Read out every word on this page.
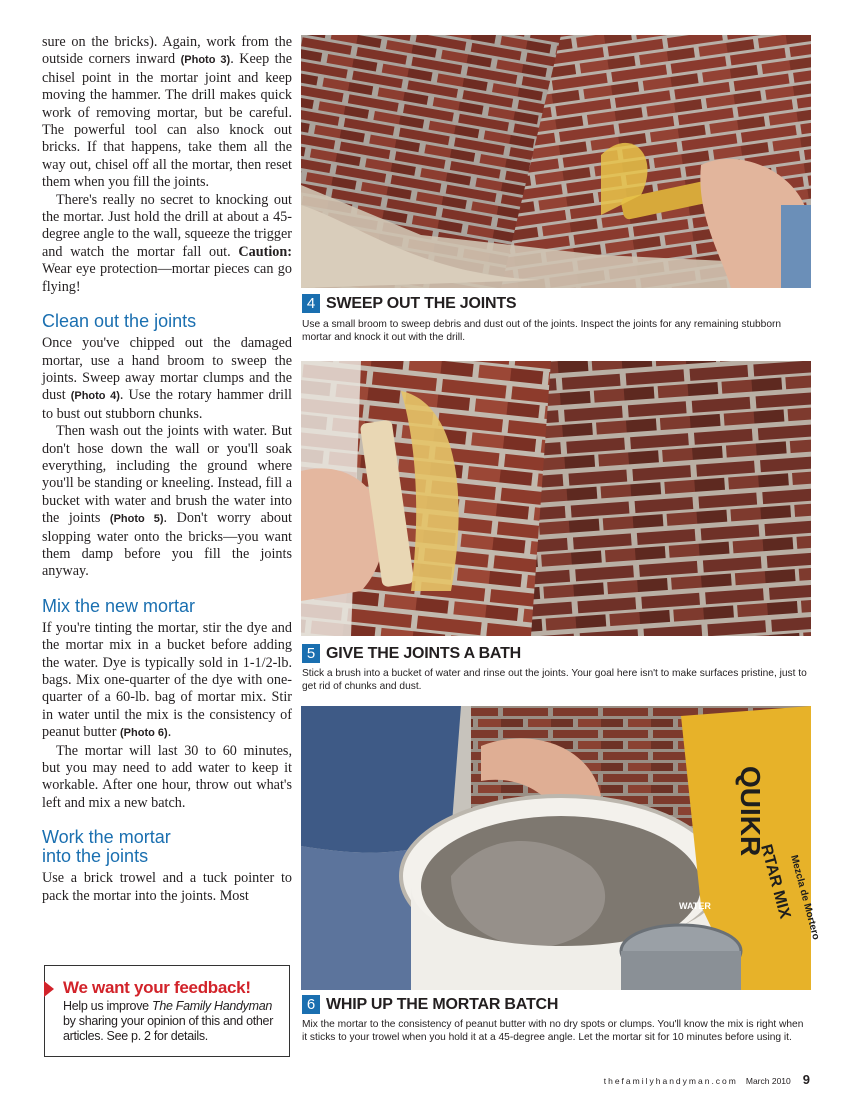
sure on the bricks). Again, work from the outside corners inward (Photo 3). Keep the chisel point in the mortar joint and keep moving the hammer. The drill makes quick work of removing mortar, but be careful. The powerful tool can also knock out bricks. If that happens, take them all the way out, chisel off all the mortar, then reset them when you fill the joints.

There's really no secret to knocking out the mortar. Just hold the drill at about a 45-degree angle to the wall, squeeze the trigger and watch the mortar fall out. Caution: Wear eye protection—mortar pieces can go flying!

Clean out the joints

Once you've chipped out the damaged mortar, use a hand broom to sweep the joints. Sweep away mortar clumps and the dust (Photo 4). Use the rotary hammer drill to bust out stubborn chunks.

Then wash out the joints with water. But don't hose down the wall or you'll soak everything, including the ground where you'll be standing or kneeling. Instead, fill a bucket with water and brush the water into the joints (Photo 5). Don't worry about slopping water onto the bricks—you want them damp before you fill the joints anyway.

Mix the new mortar

If you're tinting the mortar, stir the dye and the mortar mix in a bucket before adding the water. Dye is typically sold in 1-1/2-lb. bags. Mix one-quarter of the dye with one-quarter of a 60-lb. bag of mortar mix. Stir in water until the mix is the consistency of peanut butter (Photo 6).

The mortar will last 30 to 60 minutes, but you may need to add water to keep it workable. After one hour, throw out what's left and mix a new batch.

Work the mortar
into the joints

Use a brick trowel and a tuck pointer to pack the mortar into the joints. Most

We want your feedback!
Help us improve The Family Handyman by sharing your opinion of this and other articles. See p. 2 for details.
4 SWEEP OUT THE JOINTS
Use a small broom to sweep debris and dust out of the joints. Inspect the joints for any remaining stubborn mortar and knock it out with the drill.
5 GIVE THE JOINTS A BATH
Stick a brush into a bucket of water and rinse out the joints. Your goal here isn't to make surfaces pristine, just to get rid of chunks and dust.
WATER
QUIKR
Mezcla de Mortero
RTAR MIX
6 WHIP UP THE MORTAR BATCH
Mix the mortar to the consistency of peanut butter with no dry spots or clumps. You'll know the mix is right when it sticks to your trowel when you hold it at a 45-degree angle. Let the mortar sit for 10 minutes before using it.
thefamilyhandyman.com March 2010 9
